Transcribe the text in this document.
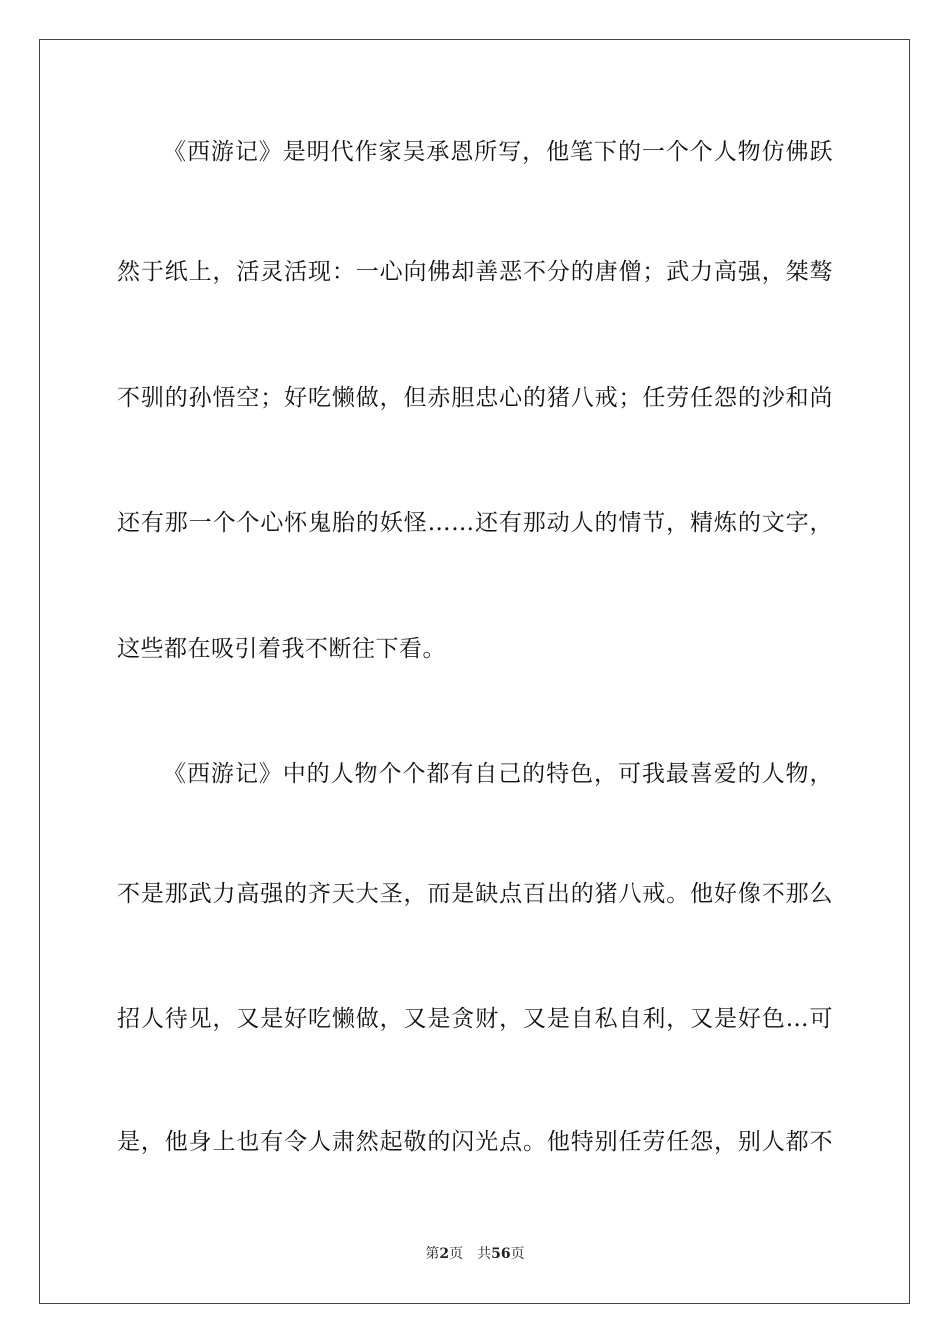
《西游记》是明代作家吴承恩所写，他笔下的一个个人物仿佛跃
然于纸上，活灵活现：一心向佛却善恶不分的唐僧；武力高强，桀骜
不驯的孙悟空；好吃懒做，但赤胆忠心的猪八戒；任劳任怨的沙和尚
还有那一个个心怀鬼胎的妖怪……还有那动人的情节，精炼的文字，
这些都在吸引着我不断往下看。
《西游记》中的人物个个都有自己的特色，可我最喜爱的人物，
不是那武力高强的齐天大圣，而是缺点百出的猪八戒。他好像不那么
招人待见，又是好吃懒做，又是贪财，又是自私自利，又是好色…可
是，他身上也有令人肃然起敬的闪光点。他特别任劳任怨，别人都不
第2页 共56页
